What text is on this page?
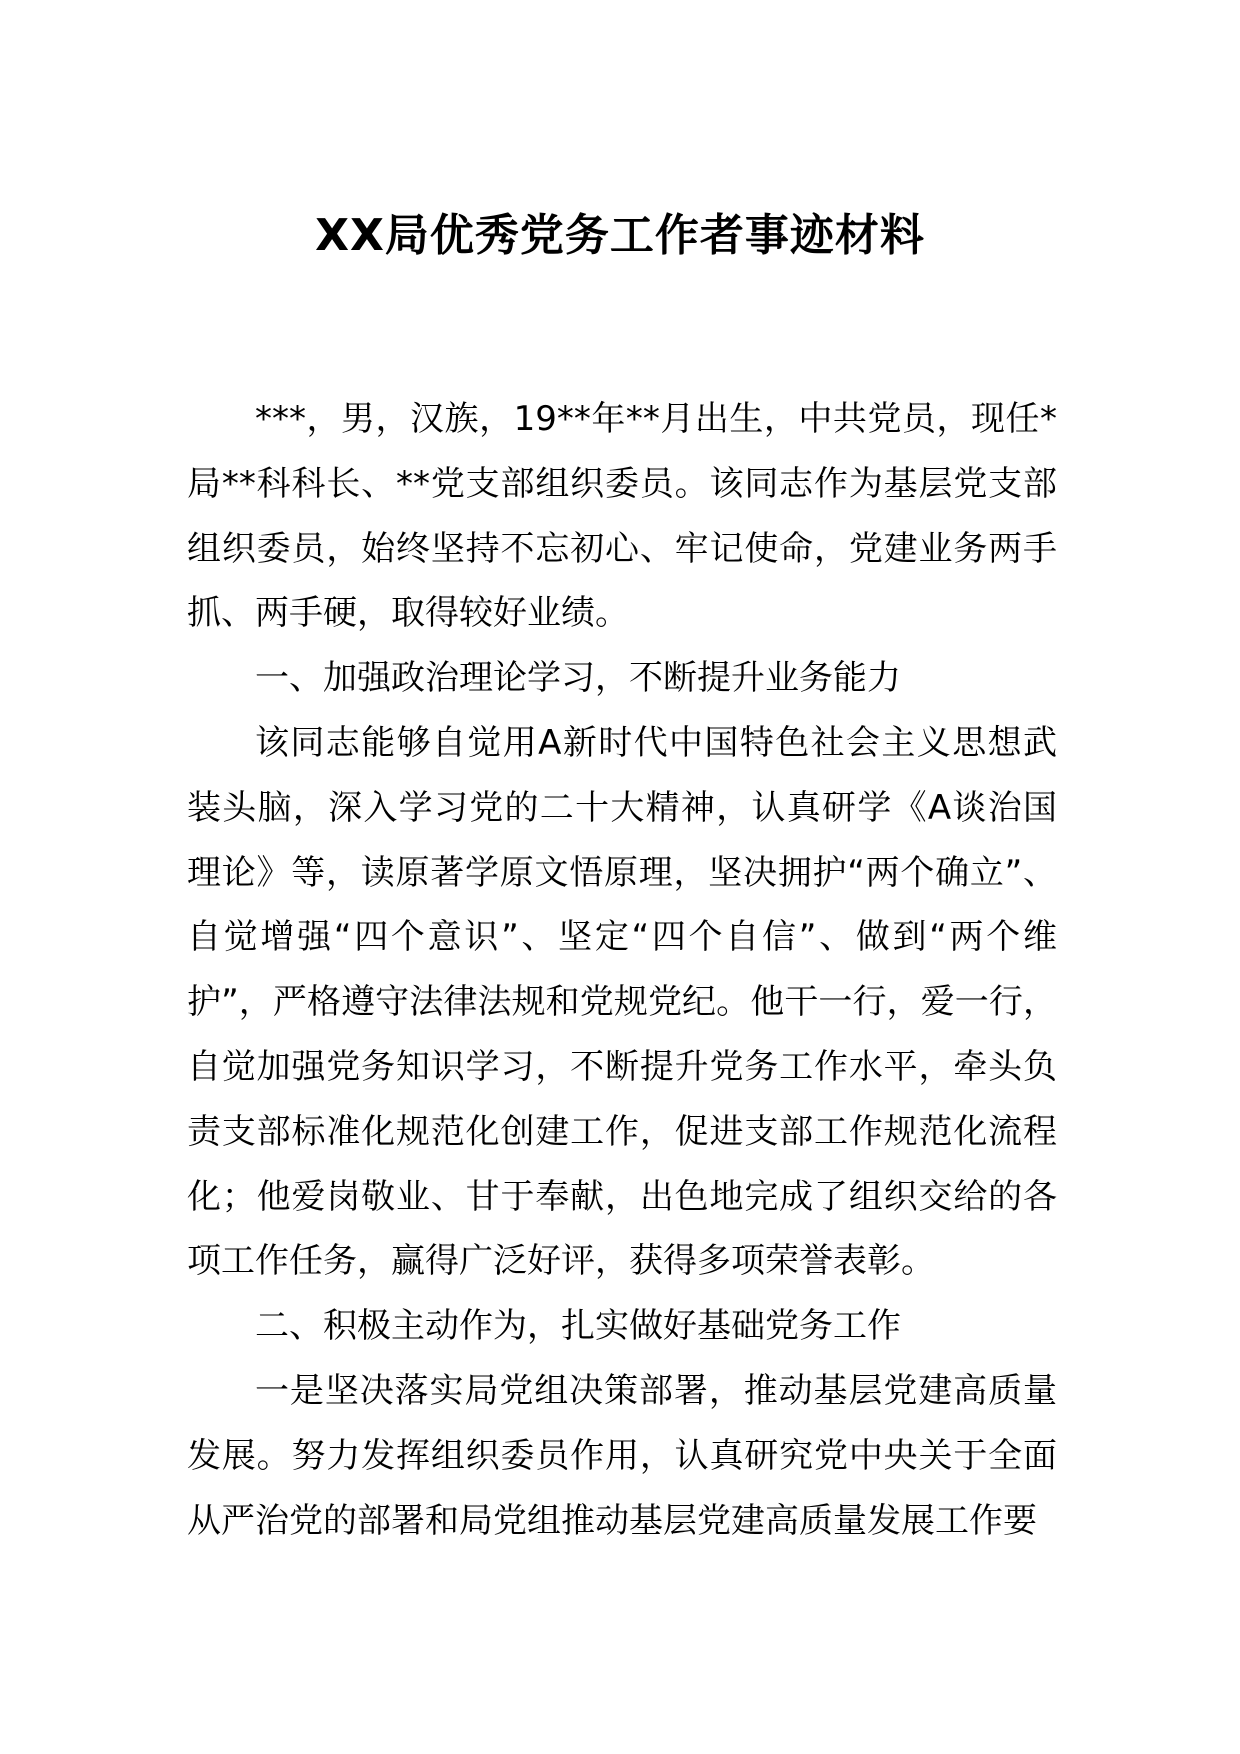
XX局优秀党务工作者事迹材料

***，男，汉族，19**年**月出生，中共党员，现任*局**科科长、**党支部组织委员。该同志作为基层党支部组织委员，始终坚持不忘初心、牢记使命，党建业务两手抓、两手硬，取得较好业绩。

一、加强政治理论学习，不断提升业务能力

该同志能够自觉用A新时代中国特色社会主义思想武装头脑，深入学习党的二十大精神，认真研学《A谈治国理论》等，读原著学原文悟原理，坚决拥护“两个确立”、自觉增强“四个意识”、坚定“四个自信”、做到“两个维护”，严格遵守法律法规和党规党纪。他干一行，爱一行，自觉加强党务知识学习，不断提升党务工作水平，牵头负责支部标准化规范化创建工作，促进支部工作规范化流程化；他爱岗敬业、甘于奉献，出色地完成了组织交给的各项工作任务，赢得广泛好评，获得多项荣誉表彰。

二、积极主动作为，扎实做好基础党务工作

一是坚决落实局党组决策部署，推动基层党建高质量发展。努力发挥组织委员作用，认真研究党中央关于全面从严治党的部署和局党组推动基层党建高质量发展工作要
